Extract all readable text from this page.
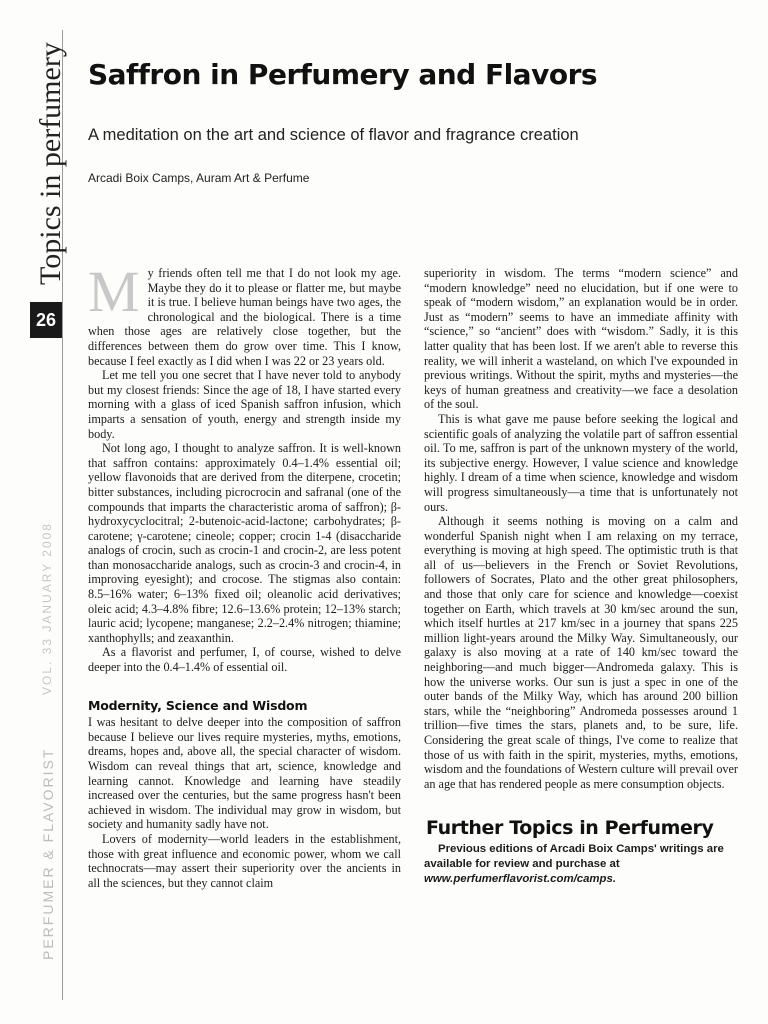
Topics in perfumery
26
VOL. 33 JANUARY 2008
PERFUMER & FLAVORIST
Saffron in Perfumery and Flavors

A meditation on the art and science of flavor and fragrance creation

Arcadi Boix Camps, Auram Art & Perfume

My friends often tell me that I do not look my age. Maybe they do it to please or flatter me, but maybe it is true. I believe human beings have two ages, the chronological and the biological. There is a time when those ages are relatively close together, but the differences between them do grow over time. This I know, because I feel exactly as I did when I was 22 or 23 years old.

Let me tell you one secret that I have never told to anybody but my closest friends: Since the age of 18, I have started every morning with a glass of iced Spanish saffron infusion, which imparts a sensation of youth, energy and strength inside my body.

Not long ago, I thought to analyze saffron. It is well-known that saffron contains: approximately 0.4–1.4% essential oil; yellow flavonoids that are derived from the diterpene, crocetin; bitter substances, including picrocrocin and safranal (one of the compounds that imparts the characteristic aroma of saffron); β-hydroxycyclocitral; 2-butenoic-acid-lactone; carbohydrates; β-carotene; γ-carotene; cineole; copper; crocin 1-4 (disaccharide analogs of crocin, such as crocin-1 and crocin-2, are less potent than monosaccharide analogs, such as crocin-3 and crocin-4, in improving eyesight); and crocose. The stigmas also contain: 8.5–16% water; 6–13% fixed oil; oleanolic acid derivatives; oleic acid; 4.3–4.8% fibre; 12.6–13.6% protein; 12–13% starch; lauric acid; lycopene; manganese; 2.2–2.4% nitrogen; thiamine; xanthophylls; and zeaxanthin.

As a flavorist and perfumer, I, of course, wished to delve deeper into the 0.4–1.4% of essential oil.

Modernity, Science and Wisdom

I was hesitant to delve deeper into the composition of saffron because I believe our lives require mysteries, myths, emotions, dreams, hopes and, above all, the special character of wisdom. Wisdom can reveal things that art, science, knowledge and learning cannot. Knowledge and learning have steadily increased over the centuries, but the same progress hasn't been achieved in wisdom. The individual may grow in wisdom, but society and humanity sadly have not.

Lovers of modernity—world leaders in the establishment, those with great influence and economic power, whom we call technocrats—may assert their superiority over the ancients in all the sciences, but they cannot claim

superiority in wisdom. The terms “modern science” and “modern knowledge” need no elucidation, but if one were to speak of “modern wisdom,” an explanation would be in order. Just as “modern” seems to have an immediate affinity with “science,” so “ancient” does with “wisdom.” Sadly, it is this latter quality that has been lost. If we aren't able to reverse this reality, we will inherit a wasteland, on which I've expounded in previous writings. Without the spirit, myths and mysteries—the keys of human greatness and creativity—we face a desolation of the soul.

This is what gave me pause before seeking the logical and scientific goals of analyzing the volatile part of saffron essential oil. To me, saffron is part of the unknown mystery of the world, its subjective energy. However, I value science and knowledge highly. I dream of a time when science, knowledge and wisdom will progress simultaneously—a time that is unfortunately not ours.

Although it seems nothing is moving on a calm and wonderful Spanish night when I am relaxing on my terrace, everything is moving at high speed. The optimistic truth is that all of us—believers in the French or Soviet Revolutions, followers of Socrates, Plato and the other great philosophers, and those that only care for science and knowledge—coexist together on Earth, which travels at 30 km/sec around the sun, which itself hurtles at 217 km/sec in a journey that spans 225 million light-years around the Milky Way. Simultaneously, our galaxy is also moving at a rate of 140 km/sec toward the neighboring—and much bigger—Andromeda galaxy. This is how the universe works. Our sun is just a spec in one of the outer bands of the Milky Way, which has around 200 billion stars, while the “neighboring” Andromeda possesses around 1 trillion—five times the stars, planets and, to be sure, life. Considering the great scale of things, I've come to realize that those of us with faith in the spirit, mysteries, myths, emotions, wisdom and the foundations of Western culture will prevail over an age that has rendered people as mere consumption objects.

Further Topics in Perfumery

Previous editions of Arcadi Boix Camps' writings are available for review and purchase at www.perfumerflavorist.com/camps.
